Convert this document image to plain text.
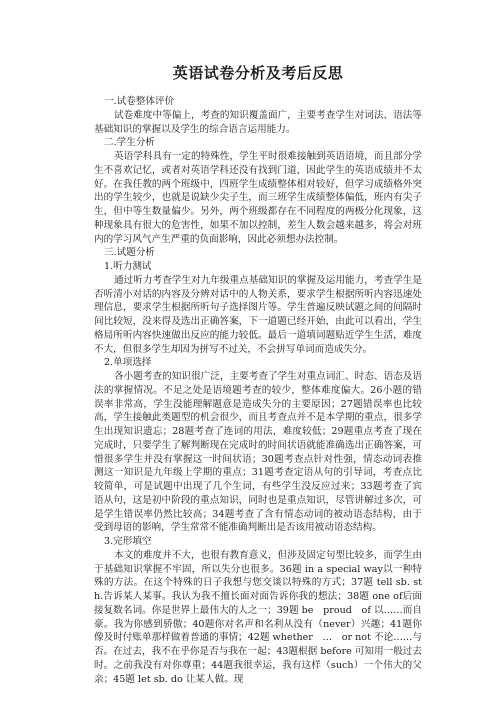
英语试卷分析及考后反思
一.试卷整体评价

试卷难度中等偏上，考查的知识覆盖面广，主要考查学生对词法、语法等基础知识的掌握以及学生的综合语言运用能力。

二.学生分析

英语学科具有一定的特殊性，学生平时很难接触到英语语境，而且部分学生不喜欢记忆，或者对英语学科还没有找到门道，因此学生的英语成绩并不太好。在我任教的两个班级中，四班学生成绩整体相对较好，但学习成绩格外突出的学生较少，也就是说缺少尖子生，而三班学生成绩整体偏低，班内有尖子生，但中等生数量偏少。另外，两个班级都存在不同程度的两极分化现象，这种现象具有很大的危害性，如果不加以控制，差生人数会越来越多，将会对班内的学习风气产生严重的负面影响，因此必须想办法控制。

三.试题分析
1.听力测试

通过听力考查学生对九年级重点基础知识的掌握及运用能力，考查学生是否听清小对话的内容及分辨对话中的人物关系，要求学生根据所听内容迅速处理信息，要求学生根据所听句子选择图片等。学生普遍反映试题之间的间隔时间比较短，没来得及选出正确答案，下一道题已经开始，由此可以看出，学生格局所听内容快速做出反应的能力较低。最后一道填词题贴近学生生活，难度不大，但很多学生却因为拼写不过关，不会拼写单词而造成失分。

2.单项选择

各小题考查的知识很广泛，主要考查了学生对重点词汇、时态、语态及语法的掌握情况。不足之处是语境题考查的较少，整体难度偏大。26小题的错误率非常高，学生没能理解题意是造成失分的主要原因；27题错误率也比较高，学生接触此类题型的机会很少，而且考查点并不是本学期的重点，很多学生出现知识遗忘；28题考查了连词的用法，难度较低；29题重点考查了现在完成时，只要学生了解判断现在完成时的时间状语就能准确选出正确答案，可惜很多学生并没有掌握这一时间状语；30题考查点针对性强，情态动词表推测这一知识是九年级上学期的重点；31题考查定语从句的引导词，考查点比较简单，可是试题中出现了几个生词，有些学生没反应过来；33题考查了宾语从句，这是初中阶段的重点知识，同时也是重点知识，尽管讲解过多次，可是学生错误率仍然比较高；34题考查了含有情态动词的被动语态结构，由于受到母语的影响，学生常常不能准确判断出是否该用被动语态结构。

3.完形填空

本文的难度并不大，也很有教育意义，但涉及固定句型比较多，而学生由于基础知识掌握不牢固，所以失分也很多。36题 in a special way以一种特殊的方法。在这个特殊的日子我想与您交谈以特殊的方式；37题 tell sb. sth.告诉某人某事。我认为我不擅长面对面告诉你我的想法；38题 one of后面接复数名词。你是世界上最伟大的人之一；39题 be　proud　of 以……而自豪。我为你感到骄傲；40题你对名声和名利从没有（never）兴趣；41题你像及时付账单那样做着普通的事情；42题 whether　…　or not 不论……与否。在过去，我不在乎你是否与我在一起；43题根据 before 可知用一般过去时。之前我没有对你尊重；44题我很幸运，我有这样（such）一个伟大的父亲；45题 let sb. do 让某人做。现
